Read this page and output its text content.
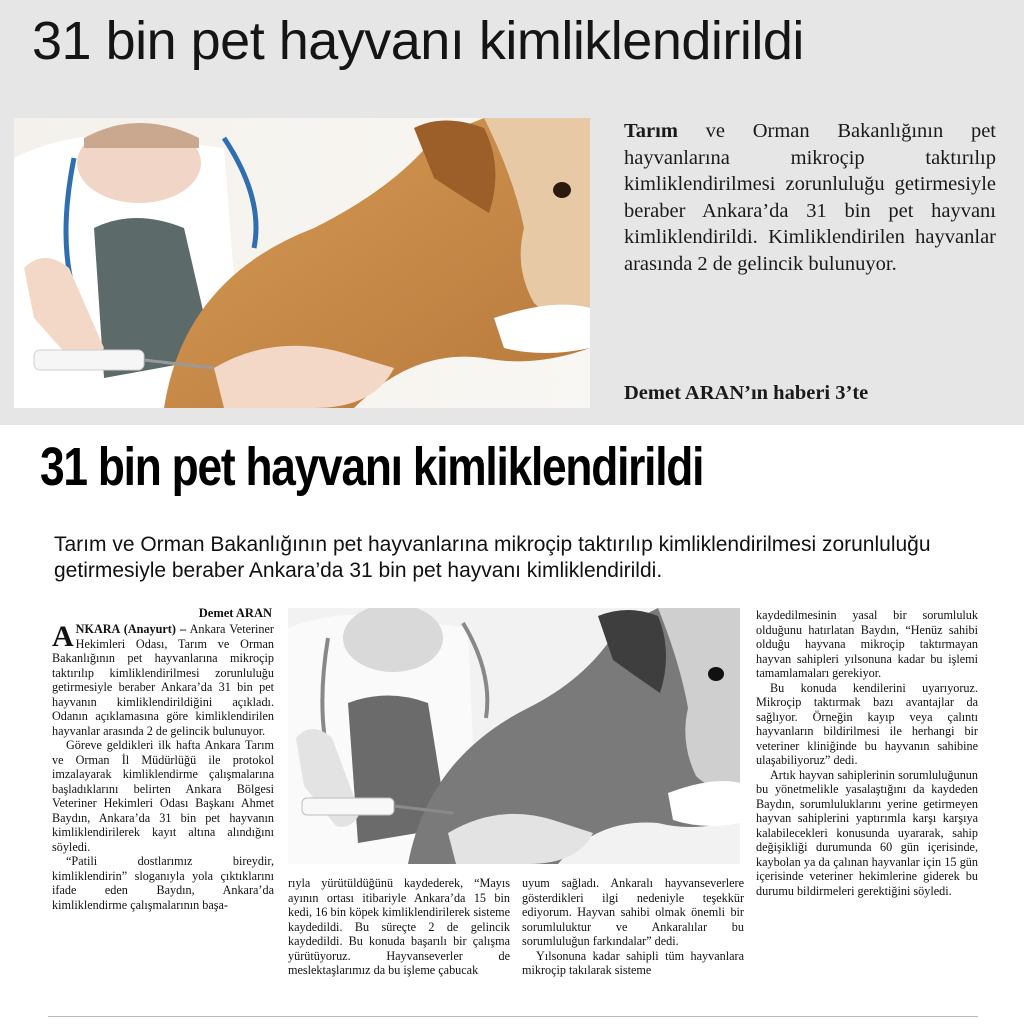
31 bin pet hayvanı kimliklendirildi
Tarım ve Orman Bakanlığının pet hayvanlarına mikroçip taktırılıp kimliklendirilmesi zorunluluğu getirmesiyle beraber Ankara’da 31 bin pet hayvanı kimliklendirildi. Kimliklendirilen hayvanlar arasında 2 de gelincik bulunuyor.
Demet ARAN’ın haberi 3’te
31 bin pet hayvanı kimliklendirildi
Tarım ve Orman Bakanlığının pet hayvanlarına mikroçip taktırılıp kimliklendirilmesi zorunluluğu getirmesiyle beraber Ankara’da 31 bin pet hayvanı kimliklendirildi.
Demet ARAN

ANKARA (Anayurt) – Ankara Veteriner Hekimleri Odası, Tarım ve Orman Bakanlığının pet hayvanlarına mikroçip taktırılıp kimliklendirilmesi zorunluluğu getirmesiyle beraber Ankara’da 31 bin pet hayvanın kimliklendirildiğini açıkladı. Odanın açıklamasına göre kimliklendirilen hayvanlar arasında 2 de gelincik bulunuyor.

Göreve geldikleri ilk hafta Ankara Tarım ve Orman İl Müdürlüğü ile protokol imzalayarak kimliklendirme çalışmalarına başladıklarını belirten Ankara Bölgesi Veteriner Hekimleri Odası Başkanı Ahmet Baydın, Ankara’da 31 bin pet hayvanın kimliklendirilerek kayıt altına alındığını söyledi.

“Patili dostlarımız bireydir, kimliklendirin” sloganıyla yola çıktıklarını ifade eden Baydın, Ankara’da kimliklendirme çalışmalarının başa-

rıyla yürütüldüğünü kaydederek, “Mayıs ayının ortası itibariyle Ankara’da 15 bin kedi, 16 bin köpek kimliklendirilerek sisteme kaydedildi. Bu süreçte 2 de gelincik kaydedildi. Bu konuda başarılı bir çalışma yürütüyoruz. Hayvanseverler de meslektaşlarımız da bu işleme çabucak

uyum sağladı. Ankaralı hayvanseverlere gösterdikleri ilgi nedeniyle teşekkür ediyorum. Hayvan sahibi olmak önemli bir sorumluluktur ve Ankaralılar bu sorumluluğun farkındalar” dedi.

Yılsonuna kadar sahipli tüm hayvanlara mikroçip takılarak sisteme

kaydedilmesinin yasal bir sorumluluk olduğunu hatırlatan Baydın, “Henüz sahibi olduğu hayvana mikroçip taktırmayan hayvan sahipleri yılsonuna kadar bu işlemi tamamlamaları gerekiyor.

Bu konuda kendilerini uyarıyoruz. Mikroçip taktırmak bazı avantajlar da sağlıyor. Örneğin kayıp veya çalıntı hayvanların bildirilmesi ile herhangi bir veteriner kliniğinde bu hayvanın sahibine ulaşabiliyoruz” dedi.

Artık hayvan sahiplerinin sorumluluğunun bu yönetmelikle yasalaştığını da kaydeden Baydın, sorumluluklarını yerine getirmeyen hayvan sahiplerini yaptırımla karşı karşıya kalabilecekleri konusunda uyararak, sahip değişikliği durumunda 60 gün içerisinde, kaybolan ya da çalınan hayvanlar için 15 gün içerisinde veteriner hekimlerine giderek bu durumu bildirmeleri gerektiğini söyledi.
